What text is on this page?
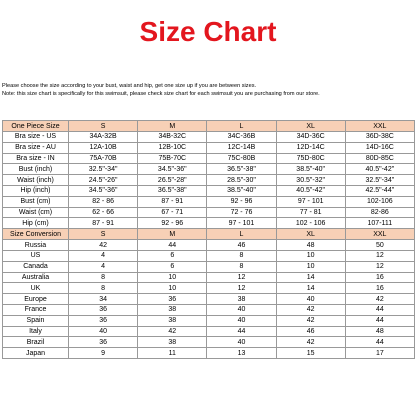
Size Chart
Please choose the size according to your bust, waist and hip, get one size up if you are between sizes.
Note: this size chart is specifically for this swimsuit, please check size chart for each swimsuit you are purchasing from our store.
One Piece Size	S	M	L	XL	XXL
Bra size - US	34A-32B	34B-32C	34C-36B	34D-36C	36D-38C
Bra size - AU	12A-10B	12B-10C	12C-14B	12D-14C	14D-16C
Bra size - IN	75A-70B	75B-70C	75C-80B	75D-80C	80D-85C
Bust (inch)	32.5"-34"	34.5"-36"	36.5"-38"	38.5"-40"	40.5"-42"
Waist (inch)	24.5"-26"	26.5"-28"	28.5"-30"	30.5"-32"	32.5"-34"
Hip (inch)	34.5"-36"	36.5"-38"	38.5"-40"	40.5"-42"	42.5"-44"
Bust (cm)	82 - 86	87 - 91	92 - 96	97 - 101	102-106
Waist (cm)	62 - 66	67 - 71	72 - 76	77 - 81	82-86
Hip (cm)	87 - 91	92 - 96	97 - 101	102 - 106	107-111
Size Conversion	S	M	L	XL	XXL
Russia	42	44	46	48	50
US	4	6	8	10	12
Canada	4	6	8	10	12
Australia	8	10	12	14	16
UK	8	10	12	14	16
Europe	34	36	38	40	42
France	36	38	40	42	44
Spain	36	38	40	42	44
Italy	40	42	44	46	48
Brazil	36	38	40	42	44
Japan	9	11	13	15	17
